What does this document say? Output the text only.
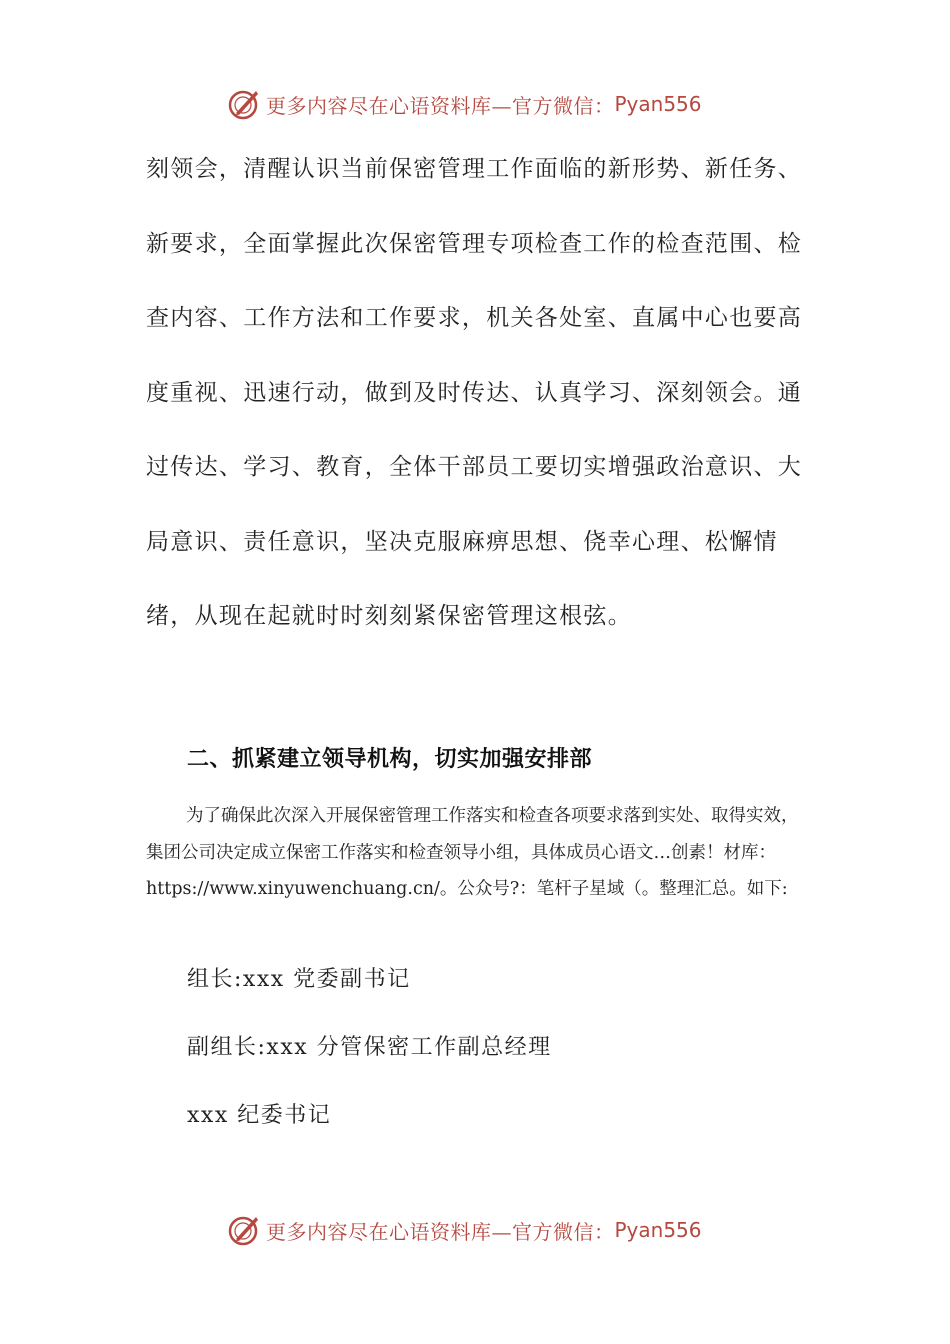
更多内容尽在心语资料库—官方微信： Pyan556

刻领会，清醒认识当前保密管理工作面临的新形势、新任务、新要求，全面掌握此次保密管理专项检查工作的检查范围、检查内容、工作方法和工作要求，机关各处室、直属中心也要高度重视、迅速行动，做到及时传达、认真学习、深刻领会。通过传达、学习、教育，全体干部员工要切实增强政治意识、大局意识、责任意识，坚决克服麻痹思想、侥幸心理、松懈情绪，从现在起就时时刻刻紧保密管理这根弦。

二、抓紧建立领导机构，切实加强安排部

为了确保此次深入开展保密管理工作落实和检查各项要求落到实处、取得实效，集团公司决定成立保密工作落实和检查领导小组，具体成员心语文…创素！材库：https://www.xinyuwenchuang.cn/。公众号?：笔杆子星域（。整理汇总。如下:

组长:xxx 党委副书记

副组长:xxx 分管保密工作副总经理

xxx 纪委书记

更多内容尽在心语资料库—官方微信： Pyan556
